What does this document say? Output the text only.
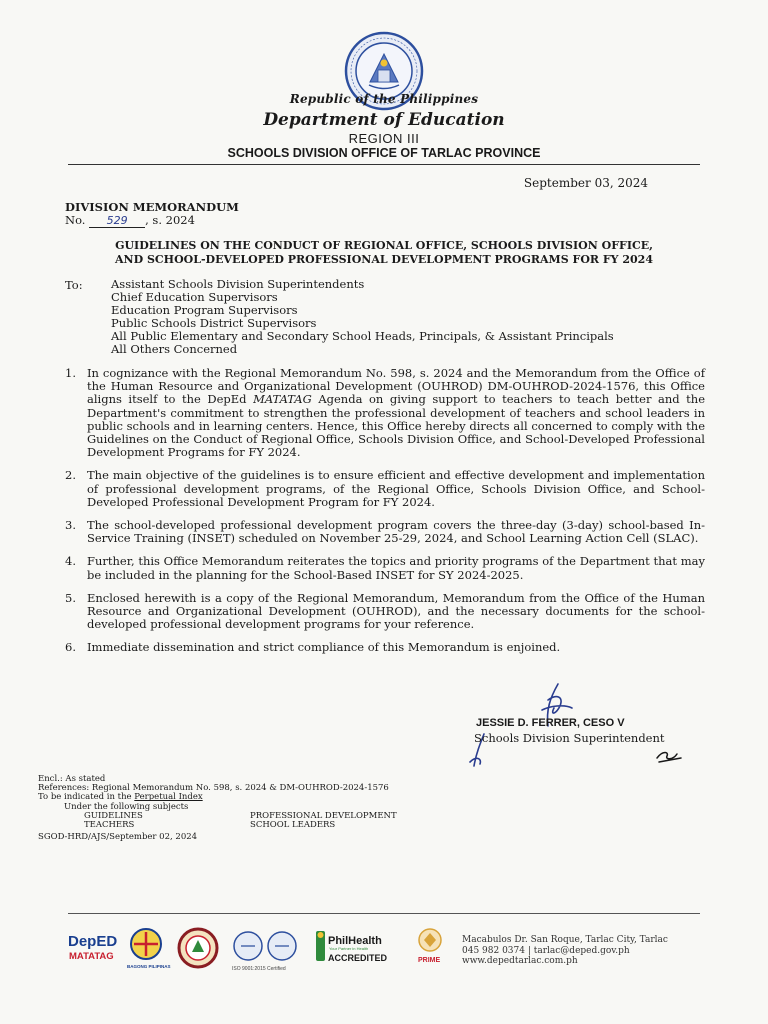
Republic of the Philippines
Department of Education
REGION III
SCHOOLS DIVISION OFFICE OF TARLAC PROVINCE
September 03, 2024
DIVISION MEMORANDUM
No. 529 , s. 2024
GUIDELINES ON THE CONDUCT OF REGIONAL OFFICE, SCHOOLS DIVISION OFFICE,
AND SCHOOL-DEVELOPED PROFESSIONAL DEVELOPMENT PROGRAMS FOR FY 2024
To: Assistant Schools Division Superintendents
Chief Education Supervisors
Education Program Supervisors
Public Schools District Supervisors
All Public Elementary and Secondary School Heads, Principals, & Assistant Principals
All Others Concerned
1. In cognizance with the Regional Memorandum No. 598, s. 2024 and the Memorandum from the Office of the Human Resource and Organizational Development (OUHROD) DM-OUHROD-2024-1576, this Office aligns itself to the DepEd MATATAG Agenda on giving support to teachers to teach better and the Department's commitment to strengthen the professional development of teachers and school leaders in public schools and in learning centers. Hence, this Office hereby directs all concerned to comply with the Guidelines on the Conduct of Regional Office, Schools Division Office, and School-Developed Professional Development Programs for FY 2024.
2. The main objective of the guidelines is to ensure efficient and effective development and implementation of professional development programs, of the Regional Office, Schools Division Office, and School-Developed Professional Development Program for FY 2024.
3. The school-developed professional development program covers the three-day (3-day) school-based In-Service Training (INSET) scheduled on November 25-29, 2024, and School Learning Action Cell (SLAC).
4. Further, this Office Memorandum reiterates the topics and priority programs of the Department that may be included in the planning for the School-Based INSET for SY 2024-2025.
5. Enclosed herewith is a copy of the Regional Memorandum, Memorandum from the Office of the Human Resource and Organizational Development (OUHROD), and the necessary documents for the school-developed professional development programs for your reference.
6. Immediate dissemination and strict compliance of this Memorandum is enjoined.
JESSIE D. FERRER, CESO V
Schools Division Superintendent
Encl.: As stated
References: Regional Memorandum No. 598, s. 2024 & DM-OUHROD-2024-1576
To be indicated in the Perpetual Index
Under the following subjects
GUIDELINES
TEACHERS
PROFESSIONAL DEVELOPMENT
SCHOOL LEADERS
SGOD-HRD/AJS/September 02, 2024
DepED
MATATAG
BAGONG PILIPINAS	ISO 9001:2015 Certified
PhilHealth
Your Partner in Health
ACCREDITED	PRIME
Macabulos Dr. San Roque, Tarlac City, Tarlac
045 982 0374 | tarlac@deped.gov.ph
www.depedtarlac.com.ph
